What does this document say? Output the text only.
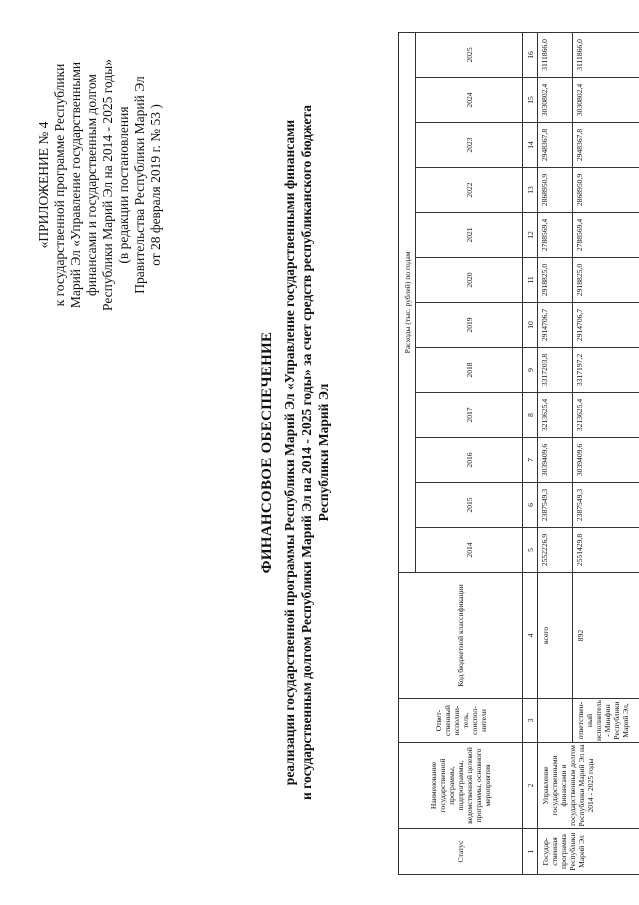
«ПРИЛОЖЕНИЕ № 4 к государственной программе Республики Марий Эл «Управление государственными финансами и государственным долгом Республики Марий Эл на 2014 - 2025 годы» (в редакции постановления Правительства Республики Марий Эл от 28 февраля 2019 г. № 53 )
ФИНАНСОВОЕ ОБЕСПЕЧЕНИЕ реализации государственной программы Республики Марий Эл «Управление государственными финансами и государственным долгом Республики Марий Эл на 2014 - 2025 годы» за счет средств республиканского бюджета Республики Марий Эл
Статус	Наименование государственной программы, подпрограммы, ведомственной целевой программы, основного мероприятия	Ответ-ственный исполни-тель, соиспол-нители	Код бюджетной классификации	Расходы (тыс. рублей) по годам											
				2014	2015	2016	2017	2018	2019	2020	2021	2022	2023	2024	2025
1	2	3	4	5	6	7	8	9	10	11	12	13	14	15	16
Государ-ственная программа Республики Марий Эл	Управление государственными финансами и государственным долгом Республики Марий Эл на 2014 - 2025 годы		всего	2552226,9	2387549,3	3039409,6	3213625,4	3317203,8	2914706,7	2918825,0	2788569,4	2868950,9	2948367,8	3030802,4	3111866,0
		ответствен-ный исполнитель - Минфин Республики Марий Эл,	892	2551429,8	2387549,3	3039409,6	3213625,4	3317197,2	2914706,7	2918825,0	2788569,4	2868950,9	2948367,8	3030802,4	3111866,0
